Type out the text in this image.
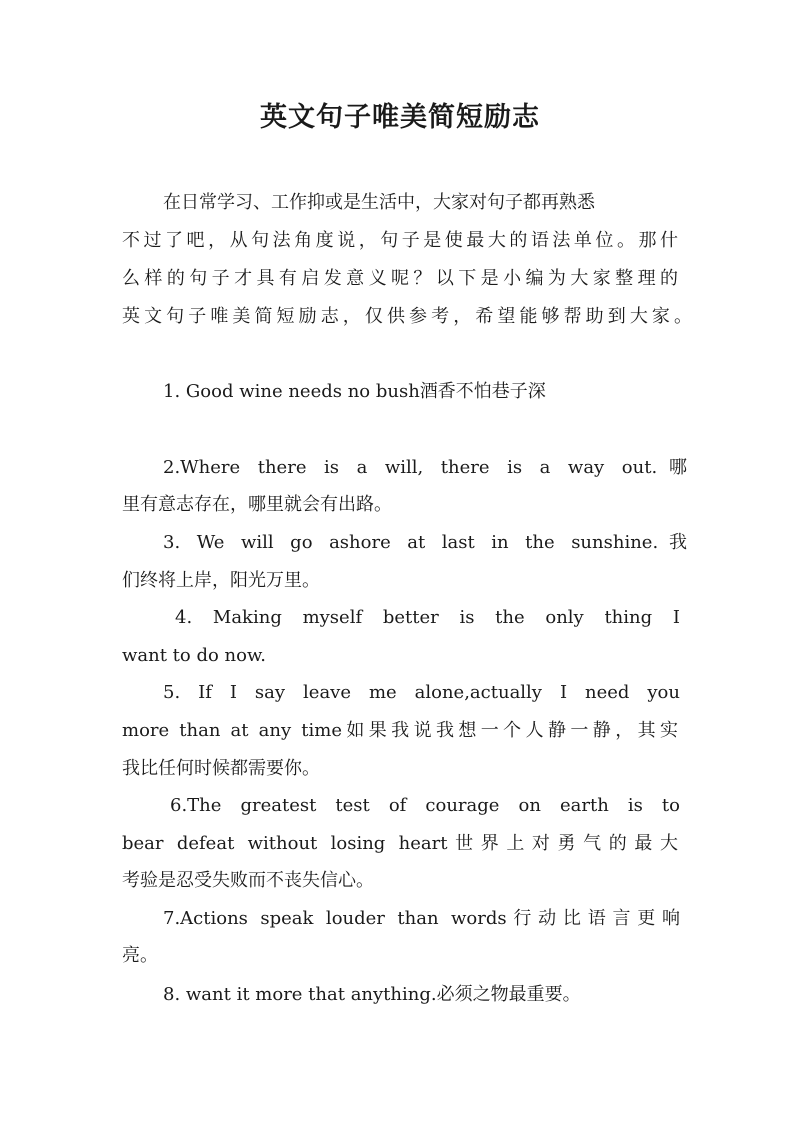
英文句子唯美简短励志

在日常学习、工作抑或是生活中，大家对句子都再熟悉

不过了吧，从句法角度说，句子是使最大的语法单位。那什

么样的句子才具有启发意义呢？以下是小编为大家整理的

英文句子唯美简短励志，仅供参考，希望能够帮助到大家。

1. Good wine needs no bush酒香不怕巷子深

2.Where there is a will, there is a way out.哪

里有意志存在，哪里就会有出路。

3. We will go ashore at last in the sunshine.我

们终将上岸，阳光万里。

4. Making myself better is the only thing I

want to do now.

5. If I say leave me alone,actually I need you

more than at any time如果我说我想一个人静一静，其实

我比任何时候都需要你。

6.The greatest test of courage on earth is to

bear defeat without losing heart世界上对勇气的最大

考验是忍受失败而不丧失信心。

7.Actions speak louder than words行动比语言更响

亮。

8. want it more that anything.必须之物最重要。
